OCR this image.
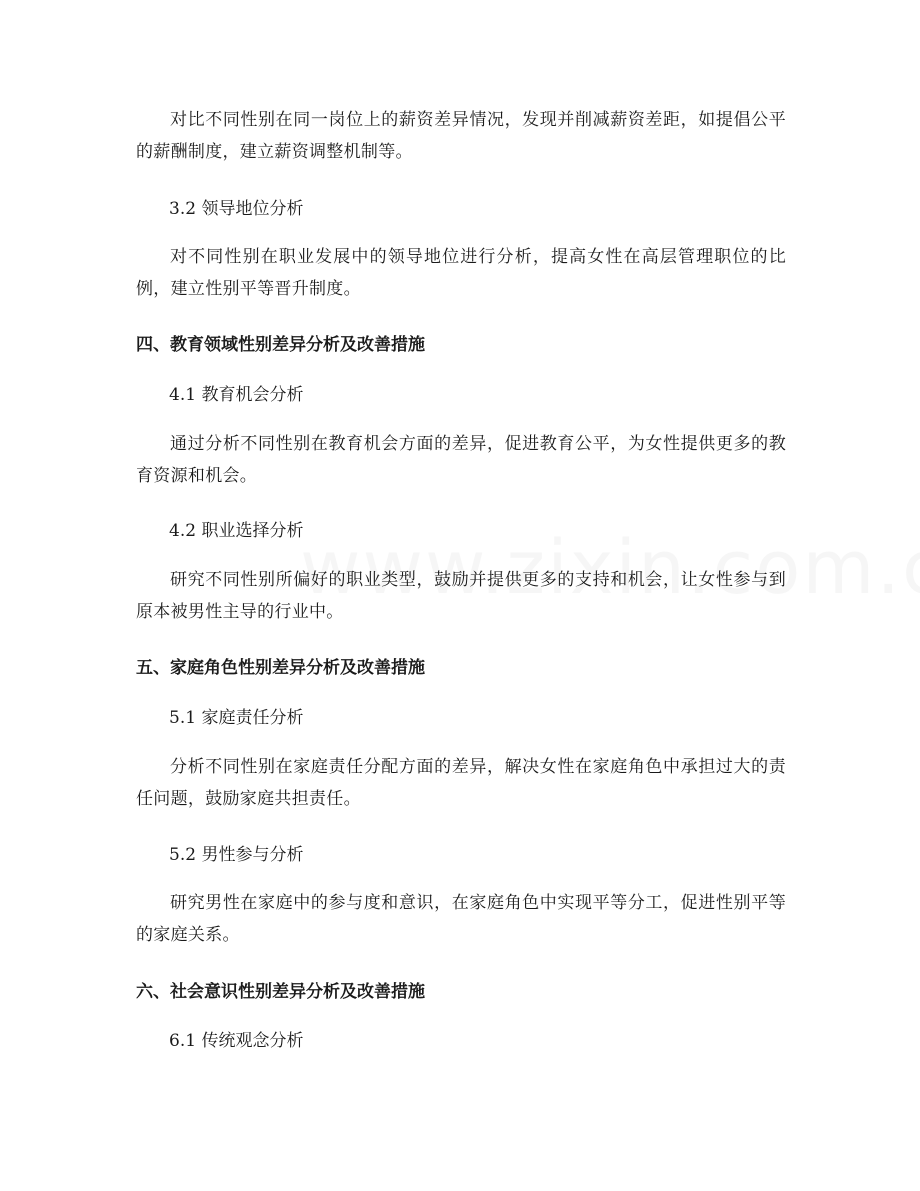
对比不同性别在同一岗位上的薪资差异情况，发现并削减薪资差距，如提倡公平的薪酬制度，建立薪资调整机制等。

3.2 领导地位分析

对不同性别在职业发展中的领导地位进行分析，提高女性在高层管理职位的比例，建立性别平等晋升制度。

四、教育领域性别差异分析及改善措施

4.1 教育机会分析

通过分析不同性别在教育机会方面的差异，促进教育公平，为女性提供更多的教育资源和机会。

4.2 职业选择分析

研究不同性别所偏好的职业类型，鼓励并提供更多的支持和机会，让女性参与到原本被男性主导的行业中。

五、家庭角色性别差异分析及改善措施

5.1 家庭责任分析

分析不同性别在家庭责任分配方面的差异，解决女性在家庭角色中承担过大的责任问题，鼓励家庭共担责任。

5.2 男性参与分析

研究男性在家庭中的参与度和意识，在家庭角色中实现平等分工，促进性别平等的家庭关系。

六、社会意识性别差异分析及改善措施

6.1 传统观念分析
